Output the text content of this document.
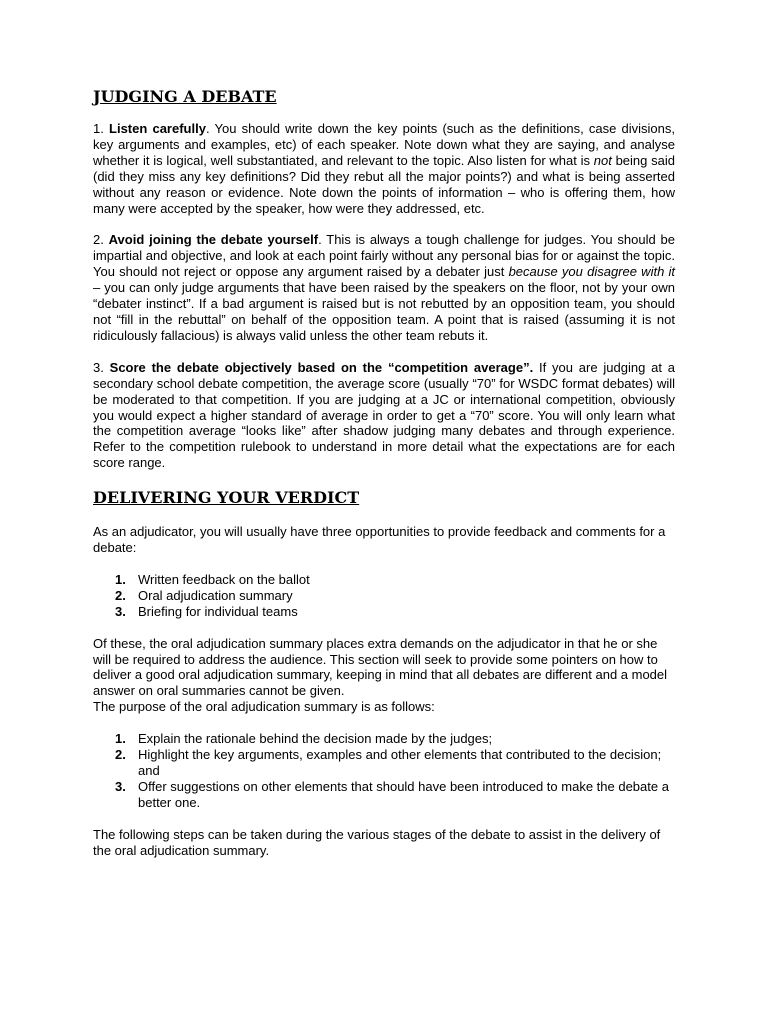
JUDGING A DEBATE

1. Listen carefully. You should write down the key points (such as the definitions, case divisions, key arguments and examples, etc) of each speaker. Note down what they are saying, and analyse whether it is logical, well substantiated, and relevant to the topic. Also listen for what is not being said (did they miss any key definitions? Did they rebut all the major points?) and what is being asserted without any reason or evidence. Note down the points of information – who is offering them, how many were accepted by the speaker, how were they addressed, etc.

2. Avoid joining the debate yourself. This is always a tough challenge for judges. You should be impartial and objective, and look at each point fairly without any personal bias for or against the topic. You should not reject or oppose any argument raised by a debater just because you disagree with it – you can only judge arguments that have been raised by the speakers on the floor, not by your own “debater instinct”. If a bad argument is raised but is not rebutted by an opposition team, you should not “fill in the rebuttal” on behalf of the opposition team. A point that is raised (assuming it is not ridiculously fallacious) is always valid unless the other team rebuts it.

3. Score the debate objectively based on the “competition average”. If you are judging at a secondary school debate competition, the average score (usually “70” for WSDC format debates) will be moderated to that competition. If you are judging at a JC or international competition, obviously you would expect a higher standard of average in order to get a “70” score. You will only learn what the competition average “looks like” after shadow judging many debates and through experience. Refer to the competition rulebook to understand in more detail what the expectations are for each score range.

DELIVERING YOUR VERDICT

As an adjudicator, you will usually have three opportunities to provide feedback and comments for a debate:

1. Written feedback on the ballot
2. Oral adjudication summary
3. Briefing for individual teams

Of these, the oral adjudication summary places extra demands on the adjudicator in that he or she will be required to address the audience. This section will seek to provide some pointers on how to deliver a good oral adjudication summary, keeping in mind that all debates are different and a model answer on oral summaries cannot be given.

The purpose of the oral adjudication summary is as follows:

1. Explain the rationale behind the decision made by the judges;
2. Highlight the key arguments, examples and other elements that contributed to the decision; and
3. Offer suggestions on other elements that should have been introduced to make the debate a better one.

The following steps can be taken during the various stages of the debate to assist in the delivery of the oral adjudication summary.
